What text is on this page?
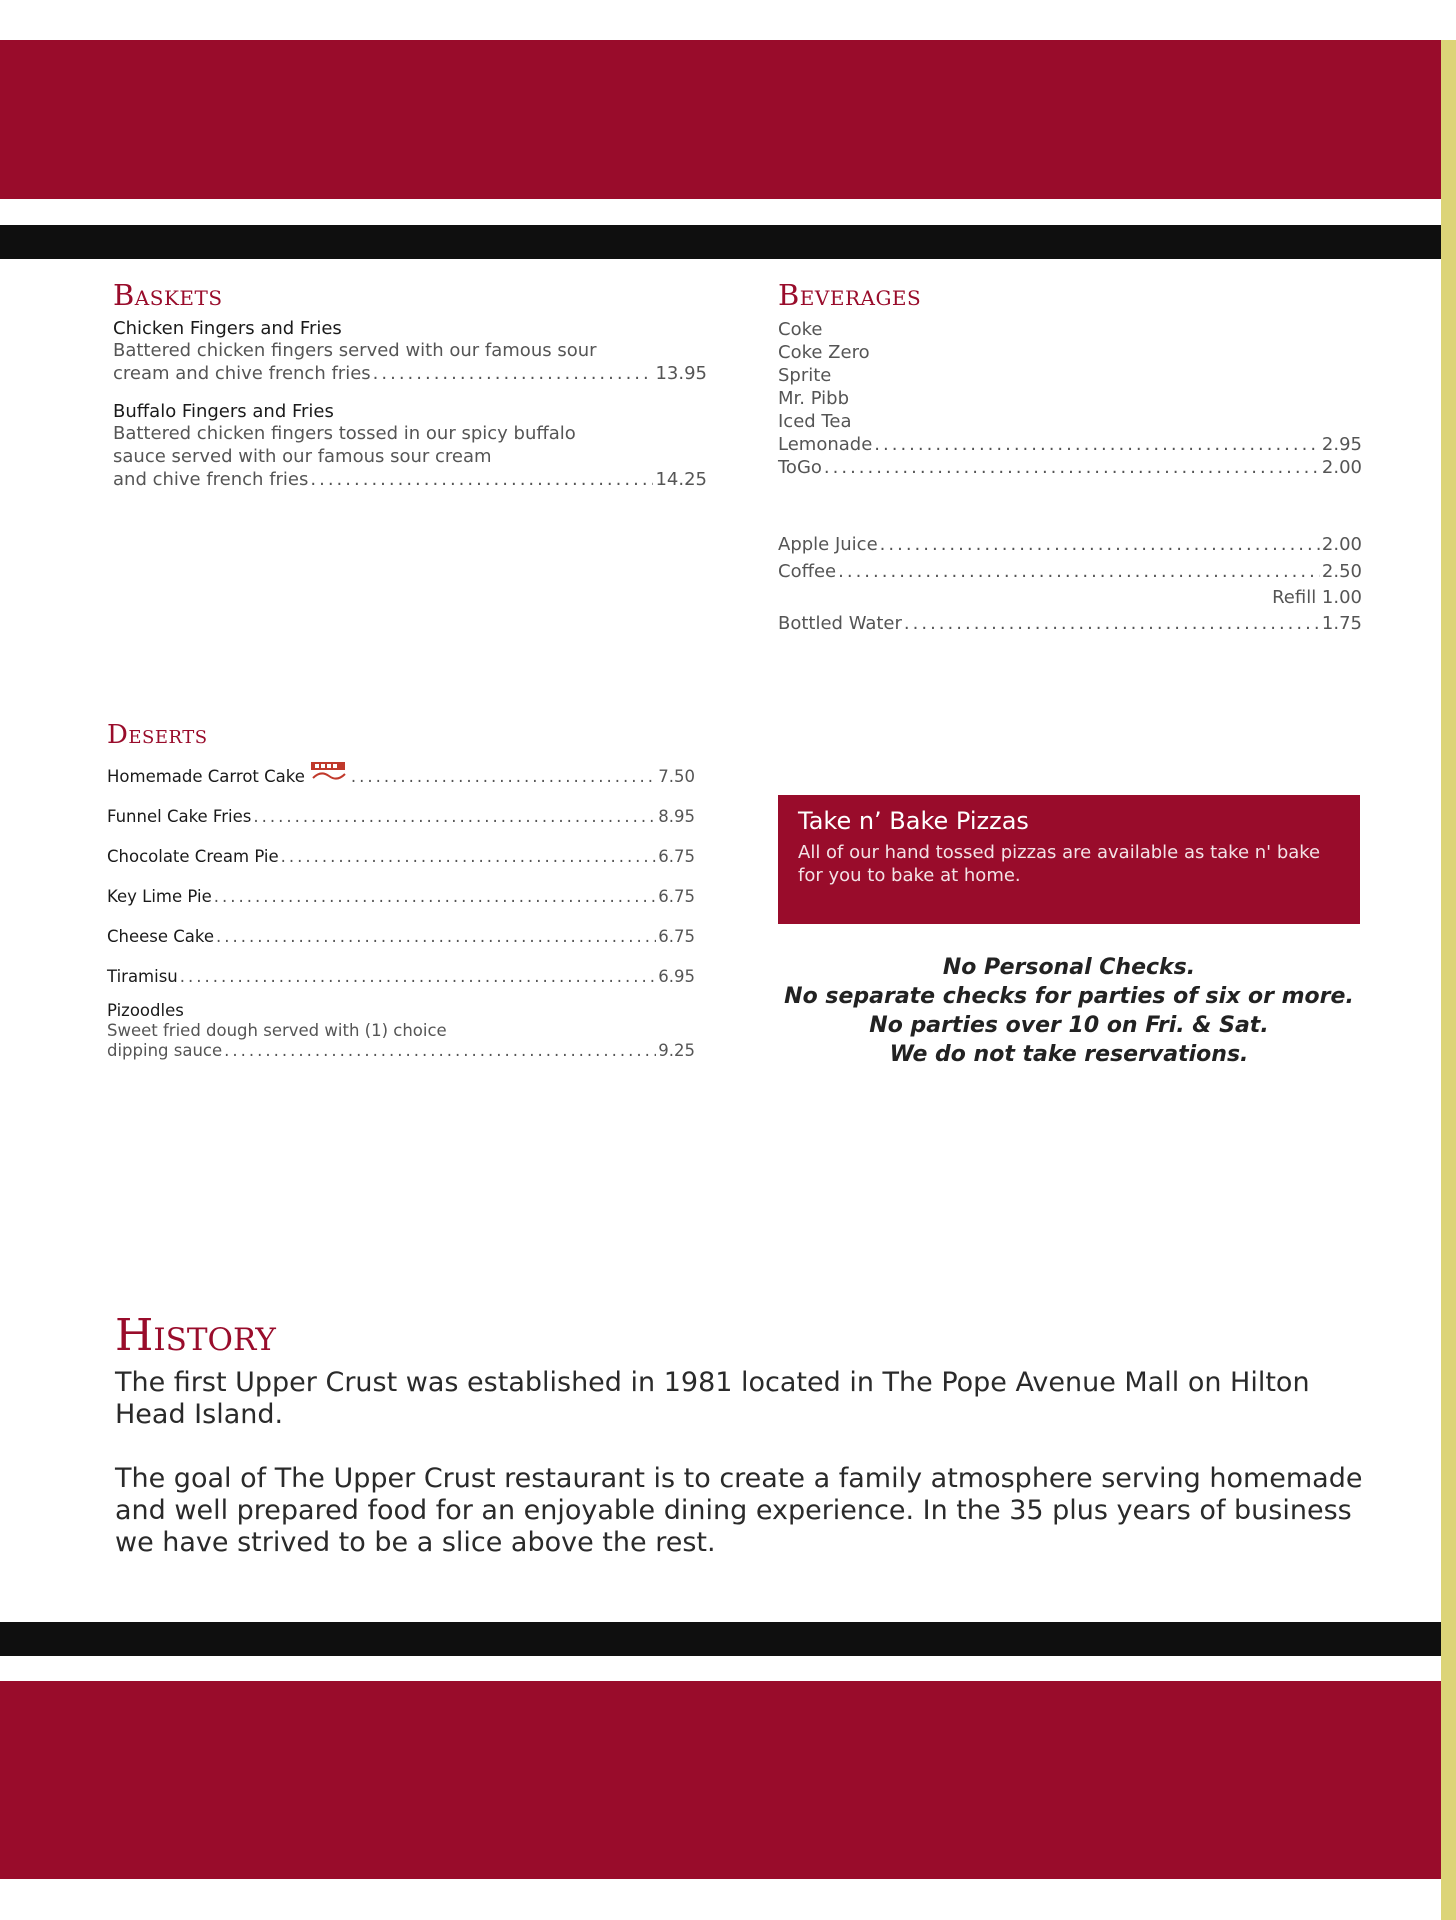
Baskets
Chicken Fingers and Fries
Battered chicken fingers served with our famous sour
cream and chive french fries .....	13.95
Buffalo Fingers and Fries
Battered chicken fingers tossed in our spicy buffalo
sauce served with our famous sour cream
and chive french fries .....	14.25
Beverages
Coke
Coke Zero
Sprite
Mr. Pibb
Iced Tea
Lemonade .....	2.95
ToGo .....	2.00
Apple Juice .....	2.00
Coffee .....	2.50
Refill 1.00
Bottled Water .....	1.75
Deserts
Homemade Carrot Cake .....	7.50
Funnel Cake Fries .....	8.95
Chocolate Cream Pie .....	6.75
Key Lime Pie .....	6.75
Cheese Cake .....	6.75
Tiramisu .....	6.95
Pizoodles
Sweet fried dough served with (1) choice
dipping sauce .....	9.25
Take n’ Bake Pizzas
All of our hand tossed pizzas are available as take n' bake for you to bake at home.
No Personal Checks.
No separate checks for parties of six or more.
No parties over 10 on Fri. & Sat.
We do not take reservations.
History

The first Upper Crust was established in 1981 located in The Pope Avenue Mall on Hilton Head Island.

The goal of The Upper Crust restaurant is to create a family atmosphere serving homemade and well prepared food for an enjoyable dining experience. In the 35 plus years of business we have strived to be a slice above the rest.
